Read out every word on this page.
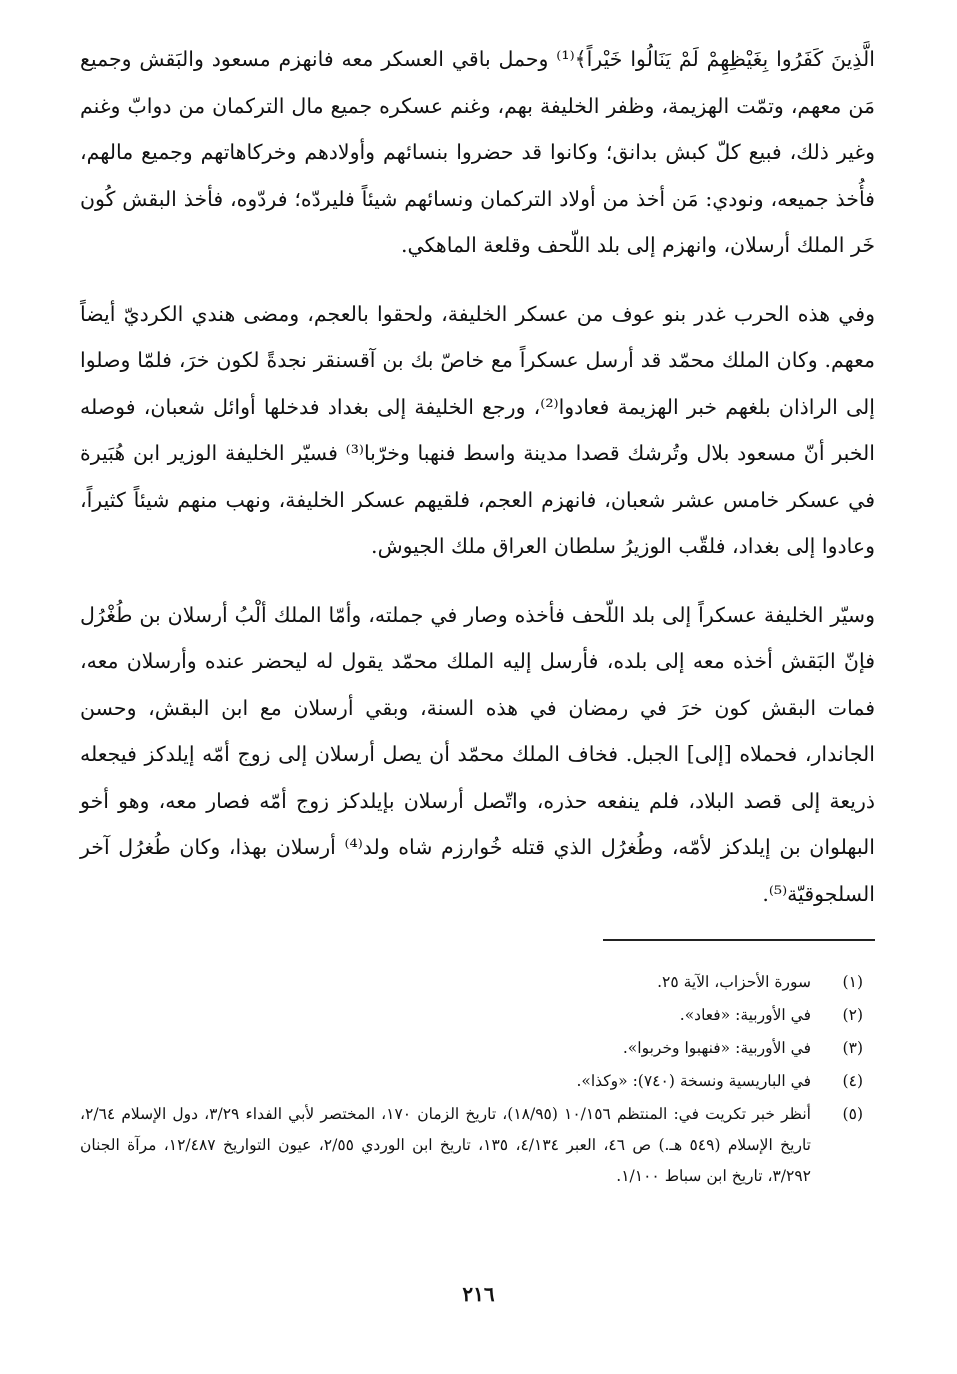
الَّذِينَ كَفَرُوا بِغَيْظِهِمْ لَمْ يَنَالُوا خَيْراً﴾⁽¹⁾ وحمل باقي العسكر معه فانهزم مسعود والبَقش وجميع مَن معهم، وتمّت الهزيمة، وظفر الخليفة بهم، وغنم عسكره جميع مال التركمان من دوابّ وغنم وغير ذلك، فبيع كلّ كبش بدانق؛ وكانوا قد حضروا بنسائهم وأولادهم وخركاهاتهم وجميع مالهم، فأُخذ جميعه، ونودي: مَن أخذ من أولاد التركمان ونسائهم شيئاً فليردّه؛ فردّوه، فأخذ البقش كُون خَر الملك أرسلان، وانهزم إلى بلد اللّحف وقلعة الماهكي.

وفي هذه الحرب غدر بنو عوف من عسكر الخليفة، ولحقوا بالعجم، ومضى هندي الكرديّ أيضاً معهم. وكان الملك محمّد قد أرسل عسكراً مع خاصّ بك بن آقسنقر نجدةً لكون خرَ، فلمّا وصلوا إلى الراذان بلغهم خبر الهزيمة فعادوا⁽²⁾، ورجع الخليفة إلى بغداد فدخلها أوائل شعبان، فوصله الخبر أنّ مسعود بلال وتُرشك قصدا مدينة واسط فنهبا وخرّبا⁽³⁾ فسيّر الخليفة الوزير ابن هُبَيرة في عسكر خامس عشر شعبان، فانهزم العجم، فلقيهم عسكر الخليفة، ونهب منهم شيئاً كثيراً، وعادوا إلى بغداد، فلقّب الوزيرُ سلطان العراق ملك الجيوش.

وسيّر الخليفة عسكراً إلى بلد اللّحف فأخذه وصار في جملته، وأمّا الملك ألْبُ أرسلان بن طُغْرُل فإنّ البَقش أخذه معه إلى بلده، فأرسل إليه الملك محمّد يقول له ليحضر عنده وأرسلان معه، فمات البقش كون خرَ في رمضان في هذه السنة، وبقي أرسلان مع ابن البقش، وحسن الجاندار، فحملاه [إلى] الجبل. فخاف الملك محمّد أن يصل أرسلان إلى زوج أمّه إيلدكز فيجعله ذريعة إلى قصد البلاد، فلم ينفعه حذره، واتّصل أرسلان بإيلدكز زوج أمّه فصار معه، وهو أخو البهلوان بن إيلدكز لأمّه، وطُغرُل الذي قتله خُوارزم شاه ولد⁽⁴⁾ أرسلان بهذا، وكان طُغرُل آخر السلجوقيّة⁽⁵⁾.

(١)
سورة الأحزاب، الآية ٢٥.
(٢)
في الأوربية: «فعاد».
(٣)
في الأوربية: «فنهبوا وخربوا».
(٤)
في الباريسية ونسخة (٧٤٠): «وكذا».
(٥)
أنظر خبر تكريت في: المنتظم ١٠/١٥٦ (١٨/٩٥)، تاريخ الزمان ١٧٠، المختصر لأبي الفداء ٣/٢٩، دول الإسلام ٢/٦٤، تاريخ الإسلام (٥٤٩ هـ.) ص ٤٦، العبر ٤/١٣٤، ١٣٥، تاريخ ابن الوردي ٢/٥٥، عيون التواريخ ١٢/٤٨٧، مرآة الجنان ٣/٢٩٢، تاريخ ابن سباط ١/١٠٠.
٢١٦
